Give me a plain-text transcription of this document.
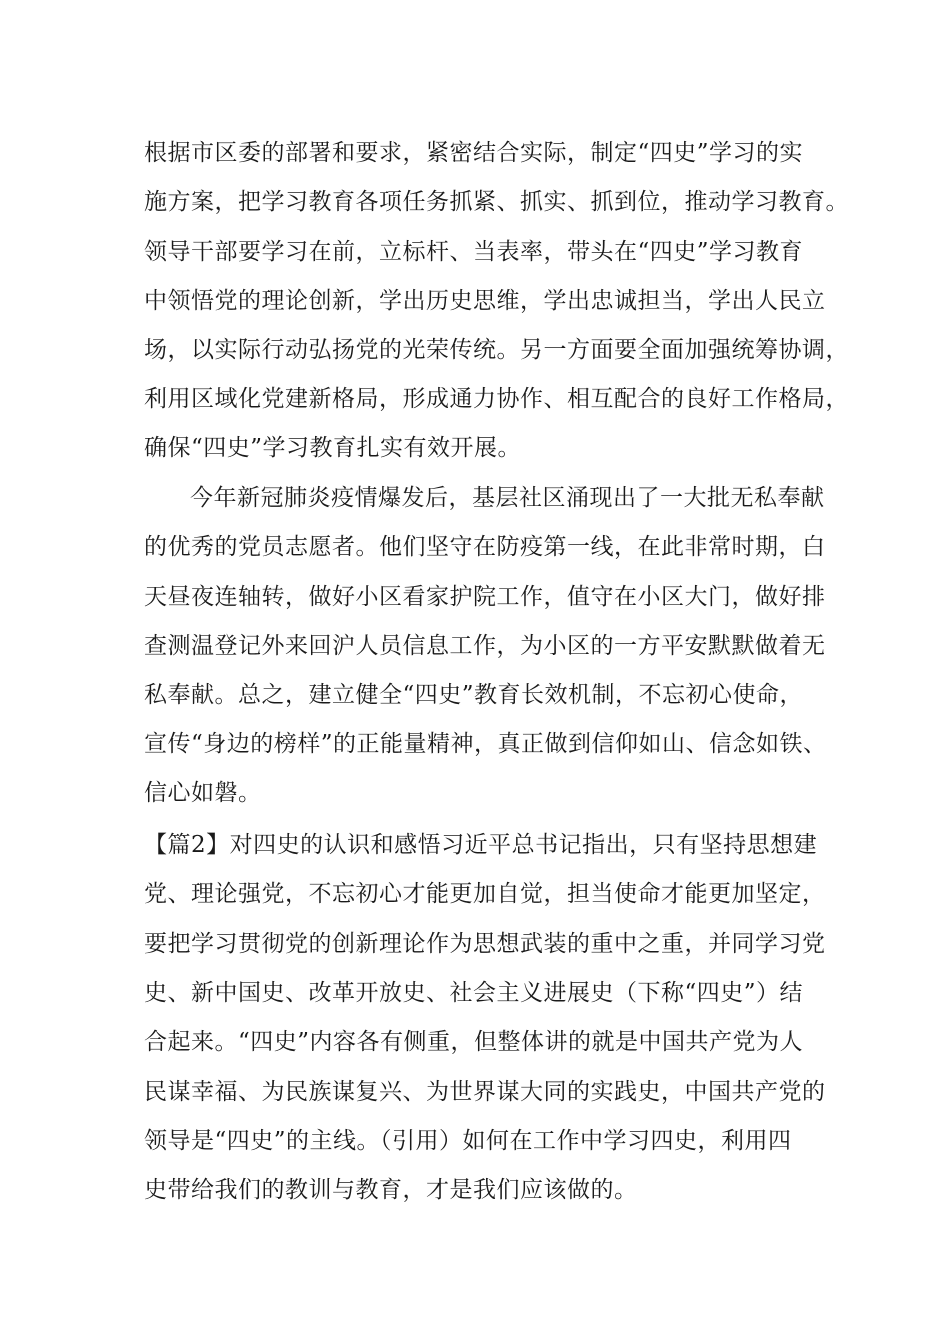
根据市区委的部署和要求，紧密结合实际，制定“四史”学习的实
施方案，把学习教育各项任务抓紧、抓实、抓到位，推动学习教育。
领导干部要学习在前，立标杆、当表率，带头在“四史”学习教育
中领悟党的理论创新，学出历史思维，学出忠诚担当，学出人民立
场，以实际行动弘扬党的光荣传统。另一方面要全面加强统筹协调，
利用区域化党建新格局，形成通力协作、相互配合的良好工作格局，
确保“四史”学习教育扎实有效开展。
今年新冠肺炎疫情爆发后，基层社区涌现出了一大批无私奉献
的优秀的党员志愿者。他们坚守在防疫第一线，在此非常时期，白
天昼夜连轴转，做好小区看家护院工作，值守在小区大门，做好排
查测温登记外来回沪人员信息工作，为小区的一方平安默默做着无
私奉献。总之，建立健全“四史”教育长效机制，不忘初心使命，
宣传“身边的榜样”的正能量精神，真正做到信仰如山、信念如铁、
信心如磐。
【篇2】对四史的认识和感悟习近平总书记指出，只有坚持思想建
党、理论强党，不忘初心才能更加自觉，担当使命才能更加坚定，
要把学习贯彻党的创新理论作为思想武装的重中之重，并同学习党
史、新中国史、改革开放史、社会主义进展史（下称“四史”）结
合起来。“四史”内容各有侧重，但整体讲的就是中国共产党为人
民谋幸福、为民族谋复兴、为世界谋大同的实践史，中国共产党的
领导是“四史”的主线。（引用）如何在工作中学习四史，利用四
史带给我们的教训与教育，才是我们应该做的。
